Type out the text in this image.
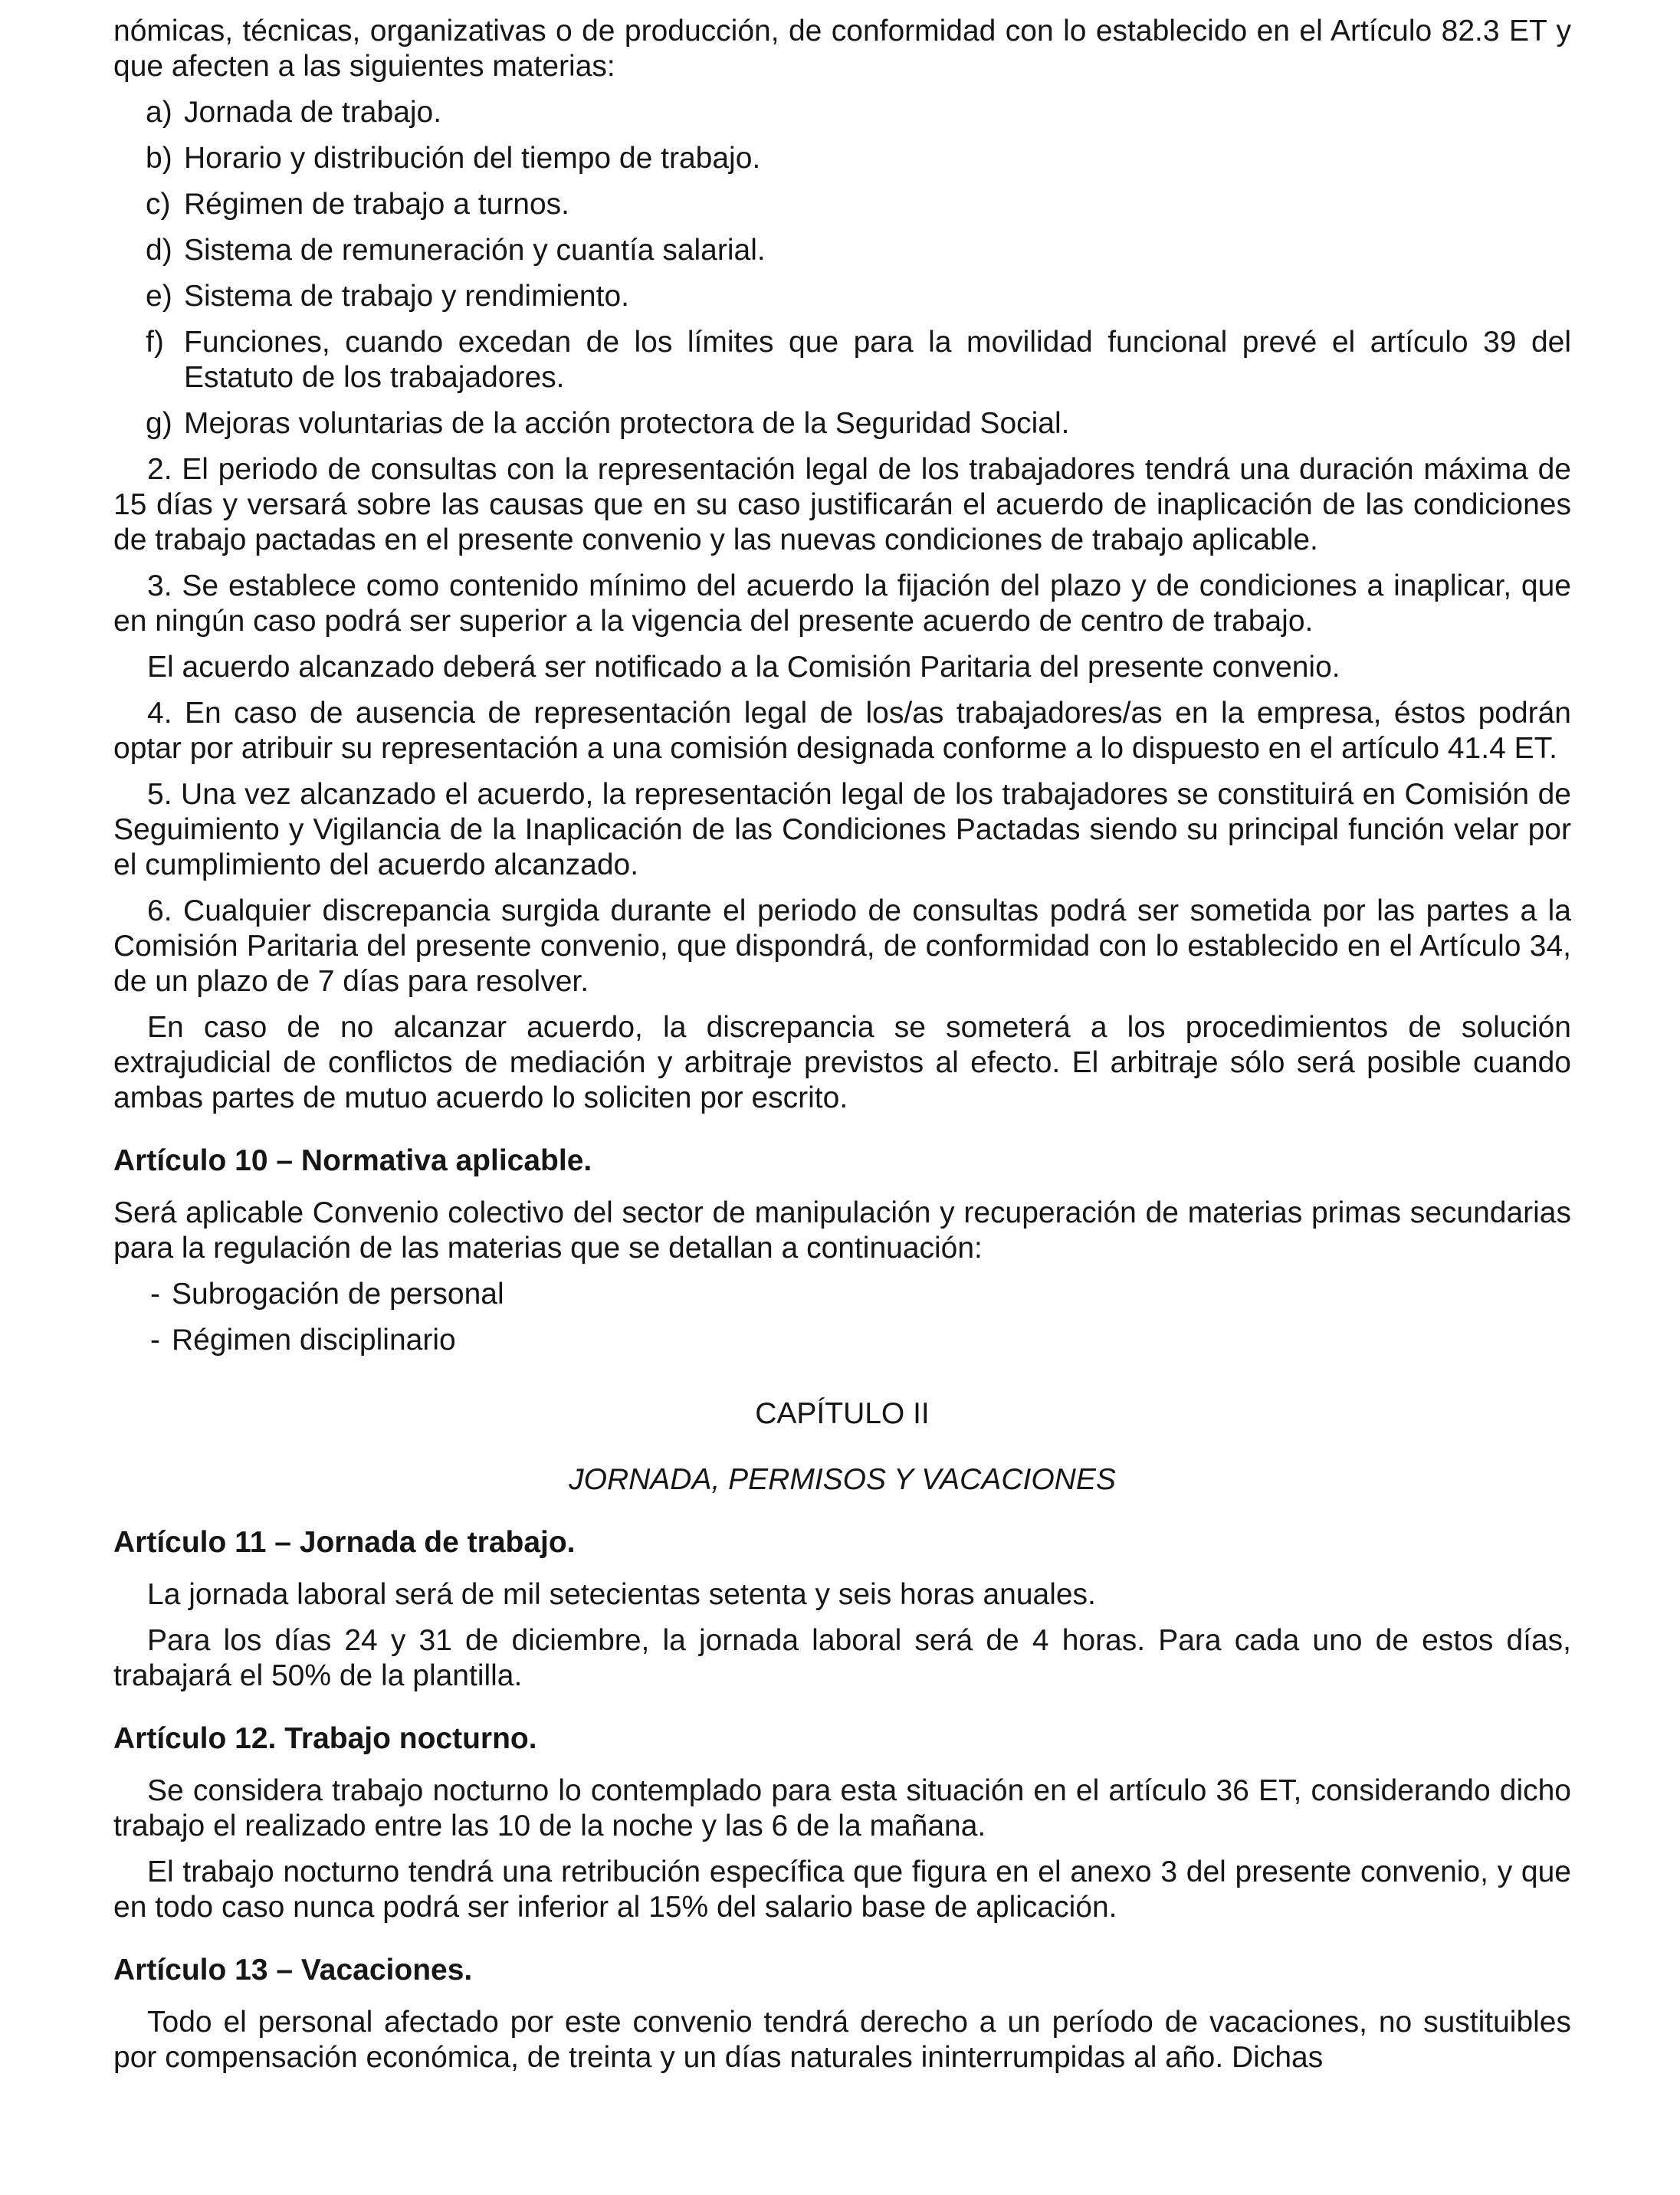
nómicas, técnicas, organizativas o de producción, de conformidad con lo establecido en el Artículo 82.3 ET y que afecten a las siguientes materias:

a) Jornada de trabajo.
b) Horario y distribución del tiempo de trabajo.
c) Régimen de trabajo a turnos.
d) Sistema de remuneración y cuantía salarial.
e) Sistema de trabajo y rendimiento.
f) Funciones, cuando excedan de los límites que para la movilidad funcional prevé el artículo 39 del Estatuto de los trabajadores.
g) Mejoras voluntarias de la acción protectora de la Seguridad Social.

2. El periodo de consultas con la representación legal de los trabajadores tendrá una duración máxima de 15 días y versará sobre las causas que en su caso justificarán el acuerdo de inaplicación de las condiciones de trabajo pactadas en el presente convenio y las nuevas condiciones de trabajo aplicable.

3. Se establece como contenido mínimo del acuerdo la fijación del plazo y de condiciones a inaplicar, que en ningún caso podrá ser superior a la vigencia del presente acuerdo de centro de trabajo.

El acuerdo alcanzado deberá ser notificado a la Comisión Paritaria del presente convenio.

4. En caso de ausencia de representación legal de los/as trabajadores/as en la empresa, éstos podrán optar por atribuir su representación a una comisión designada conforme a lo dispuesto en el artículo 41.4 ET.

5. Una vez alcanzado el acuerdo, la representación legal de los trabajadores se constituirá en Comisión de Seguimiento y Vigilancia de la Inaplicación de las Condiciones Pactadas siendo su principal función velar por el cumplimiento del acuerdo alcanzado.

6. Cualquier discrepancia surgida durante el periodo de consultas podrá ser sometida por las partes a la Comisión Paritaria del presente convenio, que dispondrá, de conformidad con lo establecido en el Artículo 34, de un plazo de 7 días para resolver.

En caso de no alcanzar acuerdo, la discrepancia se someterá a los procedimientos de solución extrajudicial de conflictos de mediación y arbitraje previstos al efecto. El arbitraje sólo será posible cuando ambas partes de mutuo acuerdo lo soliciten por escrito.

Artículo 10 – Normativa aplicable.

Será aplicable Convenio colectivo del sector de manipulación y recuperación de materias primas secundarias para la regulación de las materias que se detallan a continuación:

- Subrogación de personal
- Régimen disciplinario
CAPÍTULO II
JORNADA, PERMISOS Y VACACIONES
Artículo 11 – Jornada de trabajo.

La jornada laboral será de mil setecientas setenta y seis horas anuales.

Para los días 24 y 31 de diciembre, la jornada laboral será de 4 horas. Para cada uno de estos días, trabajará el 50% de la plantilla.

Artículo 12. Trabajo nocturno.

Se considera trabajo nocturno lo contemplado para esta situación en el artículo 36 ET, considerando dicho trabajo el realizado entre las 10 de la noche y las 6 de la mañana.

El trabajo nocturno tendrá una retribución específica que figura en el anexo 3 del presente convenio, y que en todo caso nunca podrá ser inferior al 15% del salario base de aplicación.

Artículo 13 – Vacaciones.

Todo el personal afectado por este convenio tendrá derecho a un período de vacaciones, no sustituibles por compensación económica, de treinta y un días naturales ininterrumpidas al año. Dichas
